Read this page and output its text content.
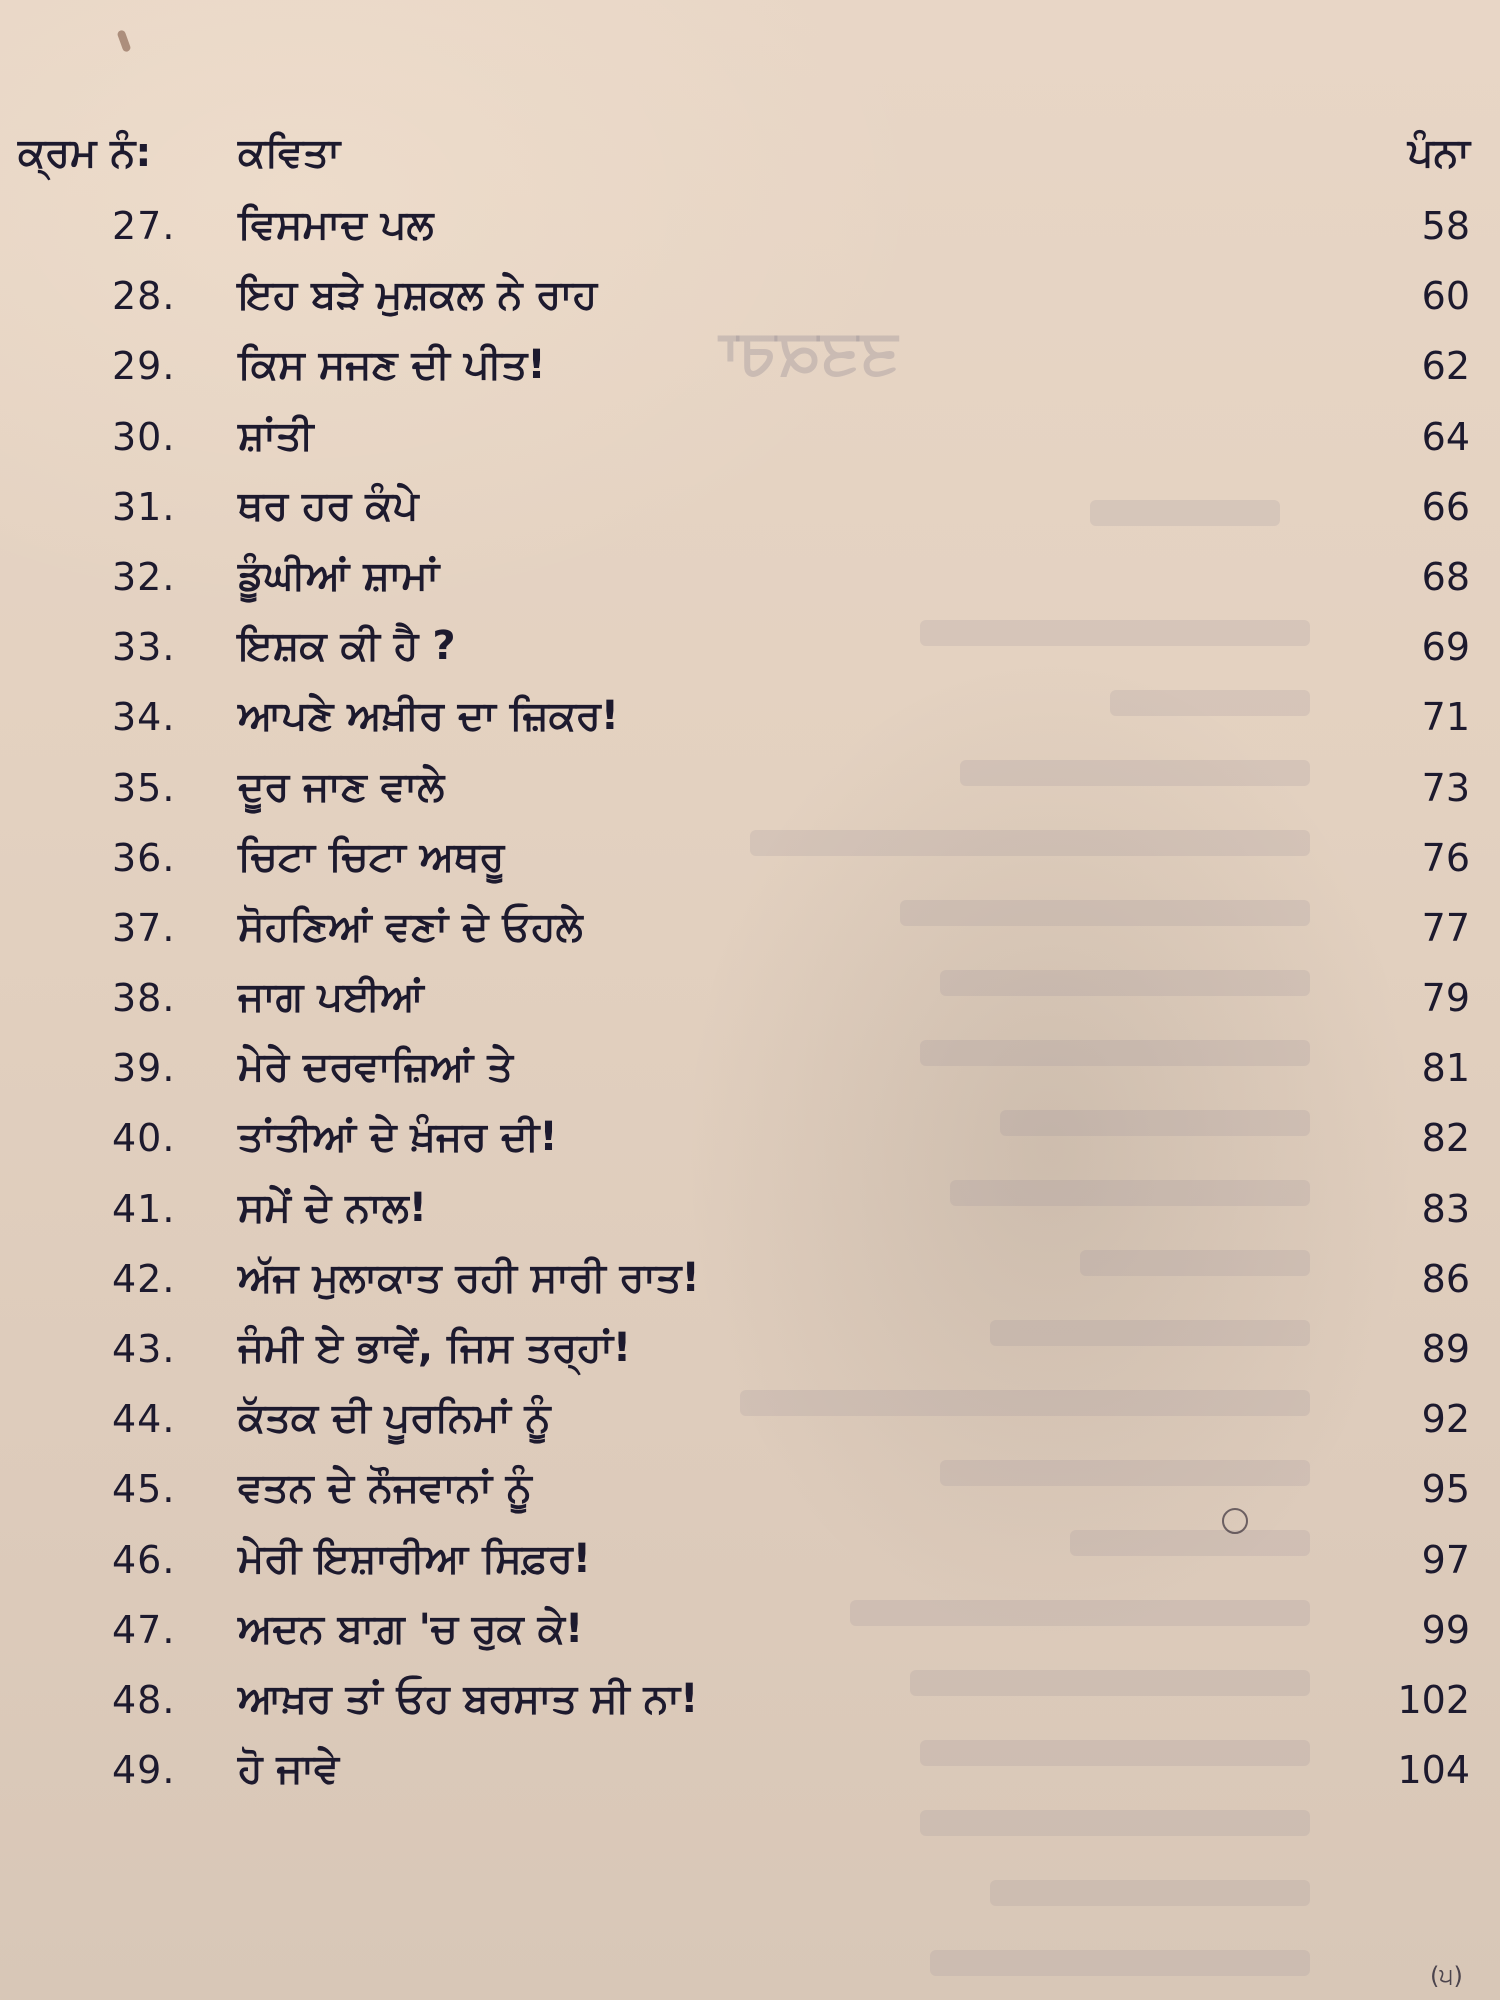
ਤਤਕਰਾ
ਕ੍ਰਮ ਨੰ: ਕਵਿਤਾ	ਪੰਨਾ
27. ਵਿਸਮਾਦ ਪਲ	58
28. ਇਹ ਬੜੇ ਮੁਸ਼ਕਲ ਨੇ ਰਾਹ	60
29. ਕਿਸ ਸਜਣ ਦੀ ਪੀਤ!	62
30. ਸ਼ਾਂਤੀ	64
31. ਥਰ ਹਰ ਕੰਪੇ	66
32. ਡੂੰਘੀਆਂ ਸ਼ਾਮਾਂ	68
33. ਇਸ਼ਕ ਕੀ ਹੈ ?	69
34. ਆਪਣੇ ਅਖ਼ੀਰ ਦਾ ਜ਼ਿਕਰ!	71
35. ਦੂਰ ਜਾਣ ਵਾਲੇ	73
36. ਚਿਟਾ ਚਿਟਾ ਅਥਰੂ	76
37. ਸੋਹਣਿਆਂ ਵਣਾਂ ਦੇ ਓਹਲੇ	77
38. ਜਾਗ ਪਈਆਂ	79
39. ਮੇਰੇ ਦਰਵਾਜ਼ਿਆਂ ਤੇ	81
40. ਤਾਂਤੀਆਂ ਦੇ ਖ਼ੰਜਰ ਦੀ!	82
41. ਸਮੇਂ ਦੇ ਨਾਲ!	83
42. ਅੱਜ ਮੁਲਾਕਾਤ ਰਹੀ ਸਾਰੀ ਰਾਤ!	86
43. ਜੰਮੀ ਏ ਭਾਵੇਂ, ਜਿਸ ਤਰ੍ਹਾਂ!	89
44. ਕੱਤਕ ਦੀ ਪੂਰਨਿਮਾਂ ਨੂੰ	92
45. ਵਤਨ ਦੇ ਨੌਜਵਾਨਾਂ ਨੂੰ	95
46. ਮੇਰੀ ਇਸ਼ਾਰੀਆ ਸਿਫ਼ਰ!	97
47. ਅਦਨ ਬਾਗ਼ 'ਚ ਰੁਕ ਕੇ!	99
48. ਆਖ਼ਰ ਤਾਂ ਓਹ ਬਰਸਾਤ ਸੀ ਨਾ!	102
49. ਹੋ ਜਾਵੇ	104
(੫)
